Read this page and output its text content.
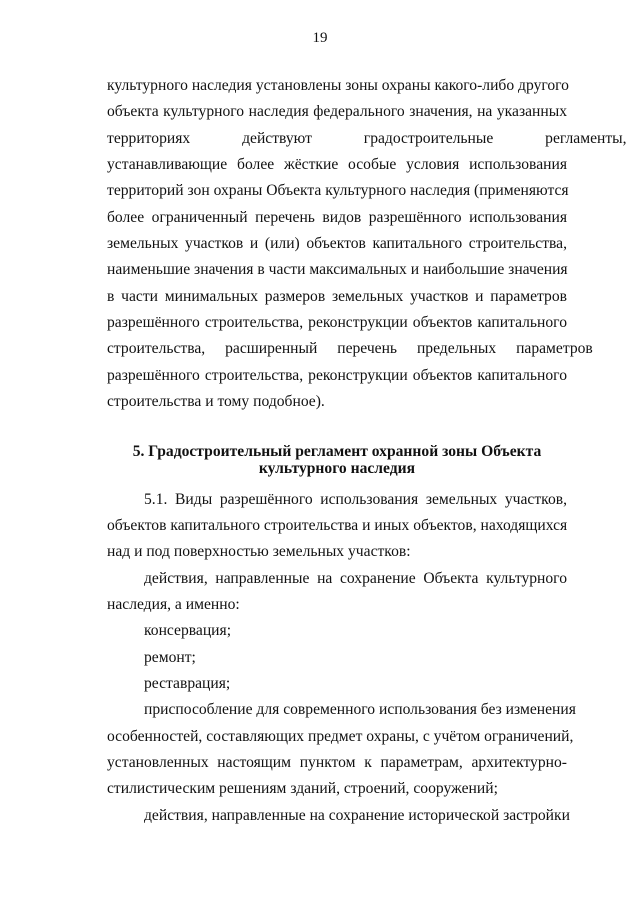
19
культурного наследия установлены зоны охраны какого-либо другого
объекта культурного наследия федерального значения, на указанных
территориях действуют градостроительные регламенты,
устанавливающие более жёсткие особые условия использования
территорий зон охраны Объекта культурного наследия (применяются
более ограниченный перечень видов разрешённого использования
земельных участков и (или) объектов капитального строительства,
наименьшие значения в части максимальных и наибольшие значения
в части минимальных размеров земельных участков и параметров
разрешённого строительства, реконструкции объектов капитального
строительства, расширенный перечень предельных параметров
разрешённого строительства, реконструкции объектов капитального
строительства и тому подобное).
5. Градостроительный регламент охранной зоны Объекта
культурного наследия
5.1. Виды разрешённого использования земельных участков,
объектов капитального строительства и иных объектов, находящихся
над и под поверхностью земельных участков:
действия, направленные на сохранение Объекта культурного
наследия, а именно:
консервация;
ремонт;
реставрация;
приспособление для современного использования без изменения
особенностей, составляющих предмет охраны, с учётом ограничений,
установленных настоящим пунктом к параметрам, архитектурно-
стилистическим решениям зданий, строений, сооружений;
действия, направленные на сохранение исторической застройки
